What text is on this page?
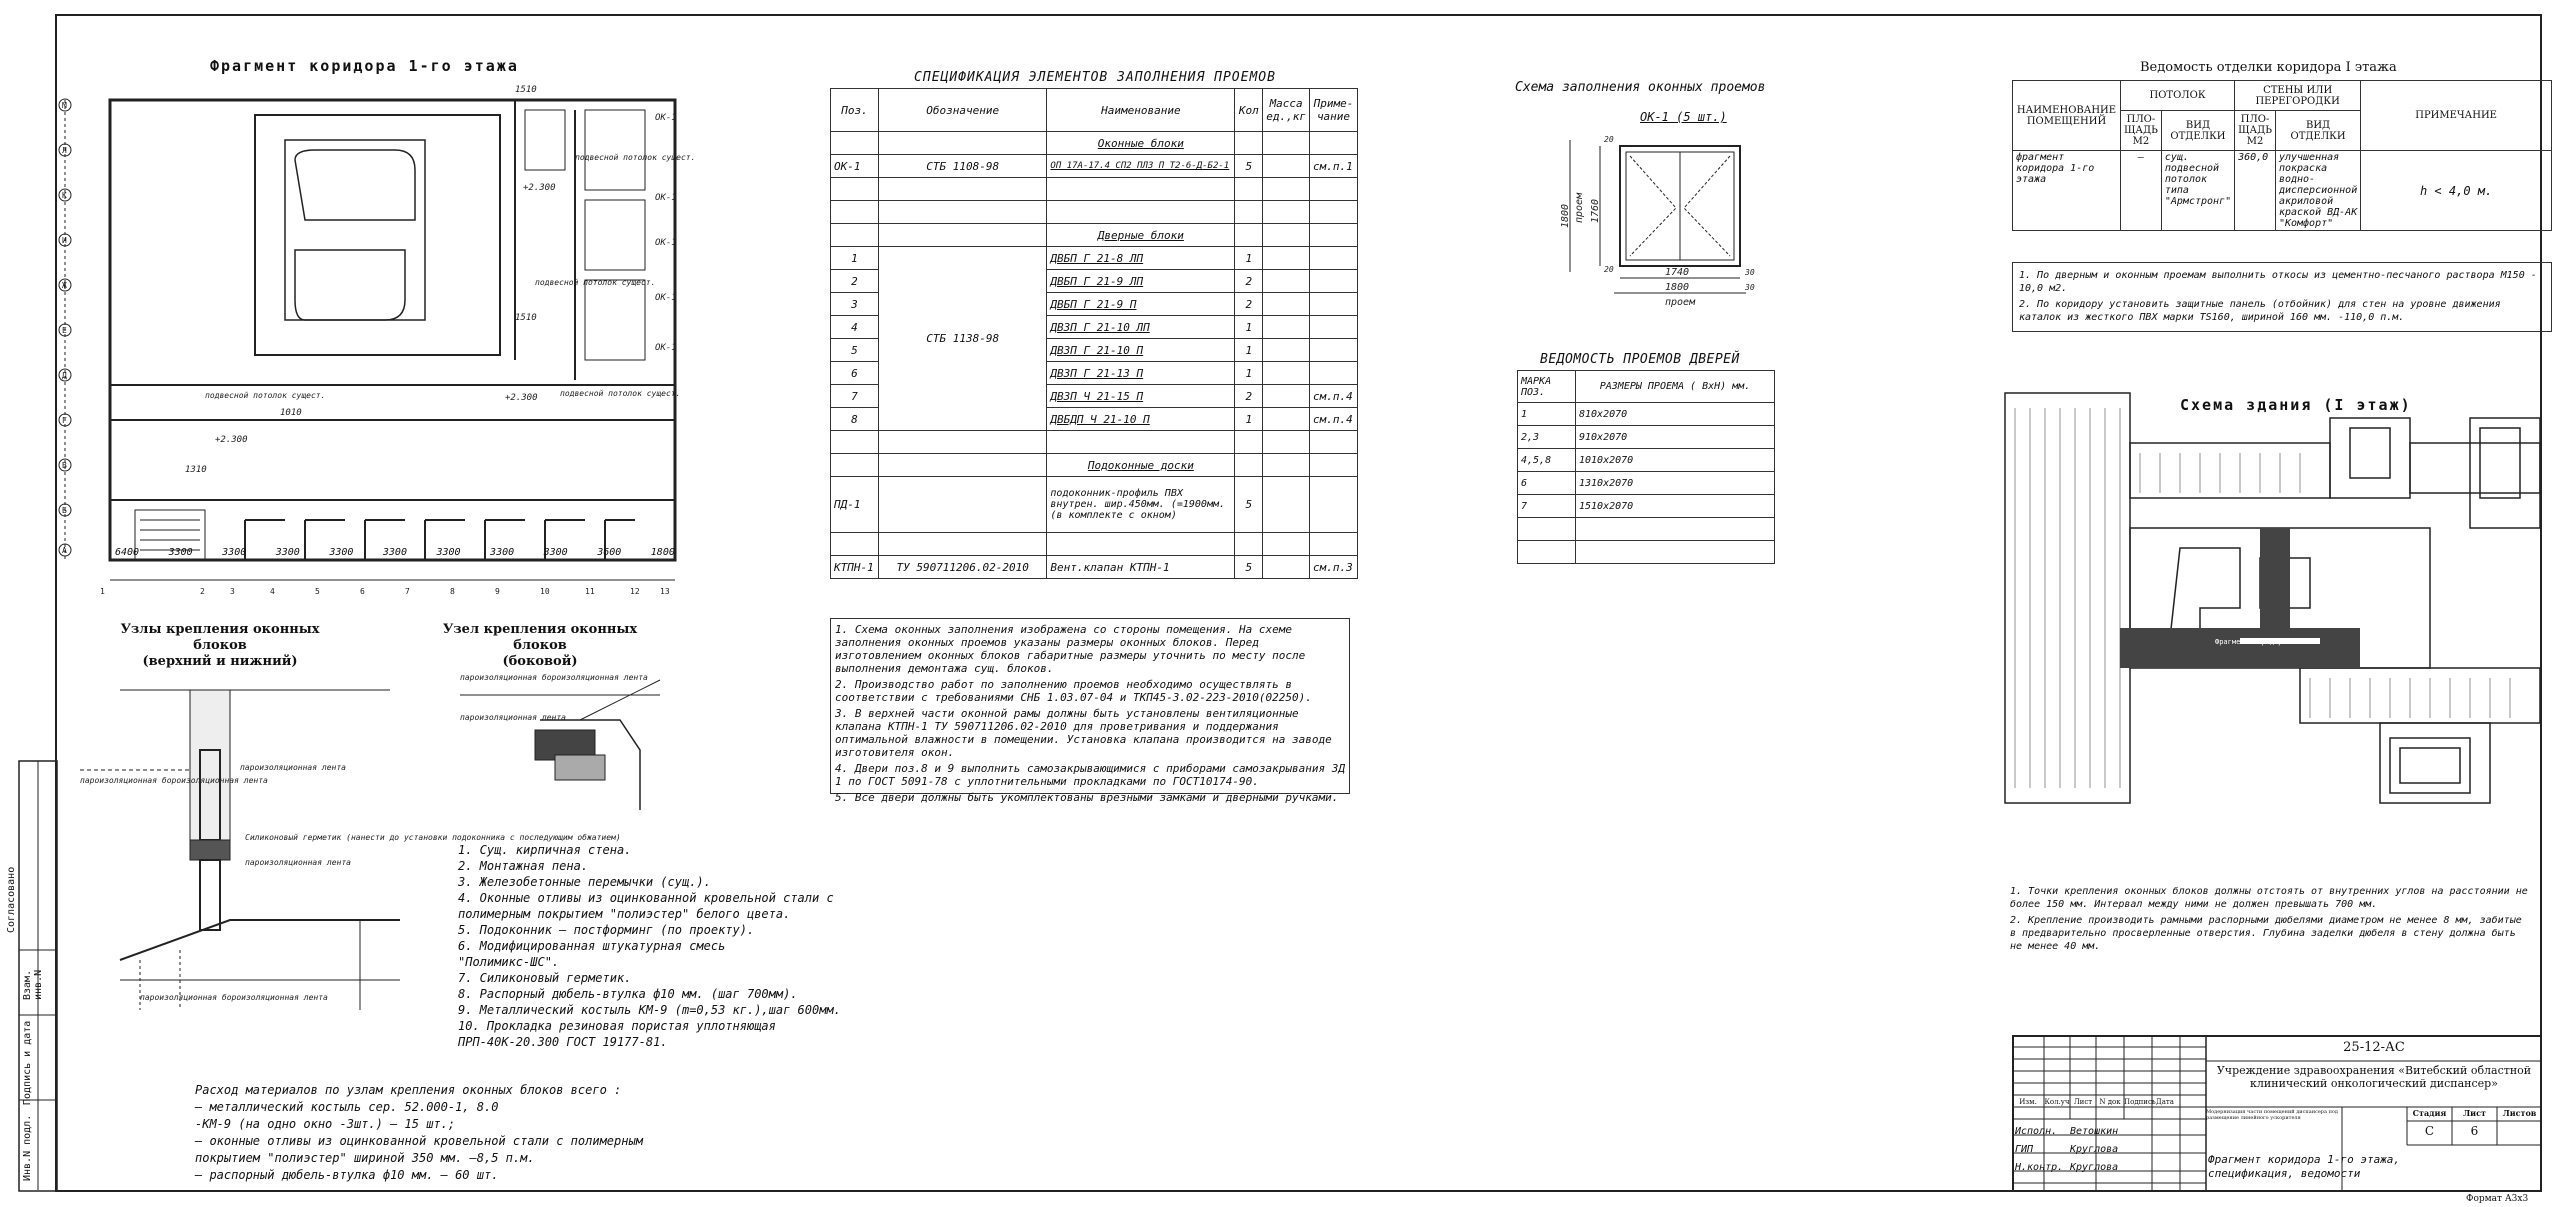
Согласовано
Взам. инв.N
Подпись и дата
Инв.N подл.
Фрагмент коридора 1-го этажа
М
Л
К
И
Ж
Е
Д
Г
В
Б
А
1510
1510
1010
1310
+2.300
+2.300
+2.300
ОК-1
ОК-1
ОК-1
ОК-1
ОК-1
подвесной потолок сущест.
подвесной потолок сущест.
подвесной потолок сущест.
подвесной потолок сущест.
1	2	3	4	5	6	7	8	9	10	11	12	13
6400	3300	3300	3300	3300	3300	3300	3300	3300	3600	1800
Узлы крепления оконных блоков
(верхний и нижний)
Узел крепления оконных блоков
(боковой)
пароизоляционная бороизоляционная лента
пароизоляционная лента
Силиконовый герметик (нанести до установки подоконника с последующим обжатием)
пароизоляционная лента
пароизоляционная бороизоляционная лента
пароизоляционная бороизоляционная лента
пароизоляционная лента
1. Сущ. кирпичная стена.
2. Монтажная пена.
3. Железобетонные перемычки (сущ.).
4. Оконные отливы из оцинкованной кровельной стали с
полимерным покрытием "полиэстер" белого цвета.
5. Подоконник — постформинг (по проекту).
6. Модифицированная штукатурная смесь
"Полимикс-ШС".
7. Силиконовый герметик.
8. Распорный дюбель-втулка ф10 мм. (шаг 700мм).
9. Металлический костыль КМ-9 (m=0,53 кг.),шаг 600мм.
10. Прокладка резиновая пористая уплотняющая
ПРП-40К-20.300 ГОСТ 19177-81.
Расход материалов по узлам крепления оконных блоков всего :
— металлический костыль сер. 52.000-1, 8.0
-КМ-9 (на одно окно -3шт.) — 15 шт.;
— оконные отливы из оцинкованной кровельной стали с полимерным
покрытием "полиэстер" шириной 350 мм. —8,5 п.м.
— распорный дюбель-втулка ф10 мм. — 60 шт.
СПЕЦИФИКАЦИЯ ЭЛЕМЕНТОВ ЗАПОЛНЕНИЯ ПРОЕМОВ
Поз.	Обозначение	Наименование	Кол	Масса ед.,кг	Приме- чание
		Оконные блоки			
ОК-1	СТБ 1108-98	ОП 17А-17.4 СП2 ПЛ3 П Т2-6-Д-Б2-1	5		см.п.1

		Дверные блоки			
1	СТБ 1138-98	ДВБП Г 21-8 ЛП	1		
2		ДВБП Г 21-9 ЛП	2		
3		ДВБП Г 21-9 П	2		
4		ДВЗП Г 21-10 ЛП	1		
5		ДВЗП Г 21-10 П	1		
6		ДВЗП Г 21-13 П	1		
7		ДВЗП Ч 21-15 П	2		см.п.4
8		ДВБДП Ч 21-10 П	1		см.п.4

		Подоконные доски			
ПД-1		подоконник-профиль ПВХ внутрен. шир.450мм. (=1900мм.(в комплекте с окном)	5		

КТПН-1	ТУ 590711206.02-2010	Вент.клапан КТПН-1	5		см.п.3

1. Схема оконных заполнения изображена со стороны помещения. На схеме заполнения оконных проемов указаны размеры оконных блоков. Перед изготовлением оконных блоков габаритные размеры уточнить по месту после выполнения демонтажа сущ. блоков.

2. Производство работ по заполнению проемов необходимо осуществлять в соответствии с требованиями СНБ 1.03.07-04 и ТКП45-3.02-223-2010(02250).

3. В верхней части оконной рамы должны быть установлены вентиляционные клапана КТПН-1 ТУ 590711206.02-2010 для проветривания и поддержания оптимальной влажности в помещении. Установка клапана производится на заводе изготовителя окон.

4. Двери поз.8 и 9 выполнить самозакрывающимися с приборами самозакрывания ЗД 1 по ГОСТ 5091-78 с уплотнительными прокладками по ГОСТ10174-90.

5. Все двери должны быть укомплектованы врезными замками и дверными ручками.

Схема заполнения оконных проемов
ОК-1 (5 шт.)
1800 проем 1760
20
20	1740	30
1800
проем
30
ВЕДОМОСТЬ ПРОЕМОВ ДВЕРЕЙ
МАРКА ПОЗ.	РАЗМЕРЫ ПРОЕМА ( BxH) мм.
1	810x2070
2,3	910x2070
4,5,8	1010x2070
6	1310x2070
7	1510x2070

Ведомость отделки коридора I этажа
НАИМЕНОВАНИЕ ПОМЕЩЕНИЙ	ПОТОЛОК		СТЕНЫ ИЛИ ПЕРЕГОРОДКИ		ПРИМЕЧАНИЕ
	ПЛО- ЩАДЬ М2	ВИД ОТДЕЛКИ	ПЛО- ЩАДЬ М2	ВИД ОТДЕЛКИ	
фрагмент коридора 1-го этажа	—	сущ. подвесной потолок типа "Армстронг"	360,0	улучшенная покраска водно-дисперсионной акриловой краской ВД-АК "Комфорт"	h < 4,0 м.

1. По дверным и оконным проемам выполнить откосы из цементно-песчаного раствора М150 - 10,0 м2.

2. По коридору установить защитные панель (отбойник) для стен на уровне движения каталок из жесткого ПВХ марки TS160, шириной 160 мм. -110,0 п.м.

Схема здания (I этаж)
Фрагмент коридора 1 этажа

1. Точки крепления оконных блоков должны отстоять от внутренних углов на расстоянии не более 150 мм. Интервал между ними не должен превышать 700 мм.

2. Крепление производить рамными распорными дюбелями диаметром не менее 8 мм, забитые в предварительно просверленные отверстия. Глубина заделки дюбеля в стену должна быть не менее 40 мм.

25-12-АС
Учреждение здравоохранения «Витебский областной клинический онкологический диспансер»
Модернизация части помещений диспансера под размещение линейного ускорителя
Изм.	Кол.уч Лист	N док Подпись Дата
Исполн.
ГИП
Н.контр.
Ветошкин
Круглова
Круглова
Стадия	Лист	Листов
С	6
Фрагмент коридора 1-го этажа, спецификация, ведомости
Формат А3х3
